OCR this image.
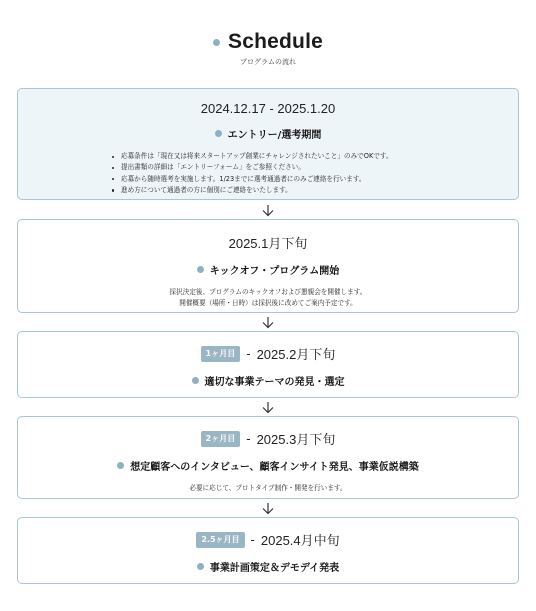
Schedule
プログラムの流れ
2024.12.17 - 2025.1.20
エントリー/選考期間
応募条件は「現在又は将来スタートアップ創業にチャレンジされたいこと」のみでOKです。
提出書類の詳細は「エントリーフォーム」をご参照ください。
応募から随時選考を実施します。1/23までに選考通過者にのみご連絡を行います。
進め方について通過者の方に個別にご連絡をいたします。
2025.1月下旬
キックオフ・プログラム開始
採択決定後、プログラムのキックオフおよび懇親会を開催します。
開催概要（場所・日時）は採択後に改めてご案内予定です。
1ヶ月目 - 2025.2月下旬
適切な事業テーマの発見・選定
2ヶ月目 - 2025.3月下旬
想定顧客へのインタビュー、顧客インサイト発見、事業仮説構築
必要に応じて、プロトタイプ制作・開発を行います。
2.5ヶ月目 - 2025.4月中旬
事業計画策定＆デモデイ発表
